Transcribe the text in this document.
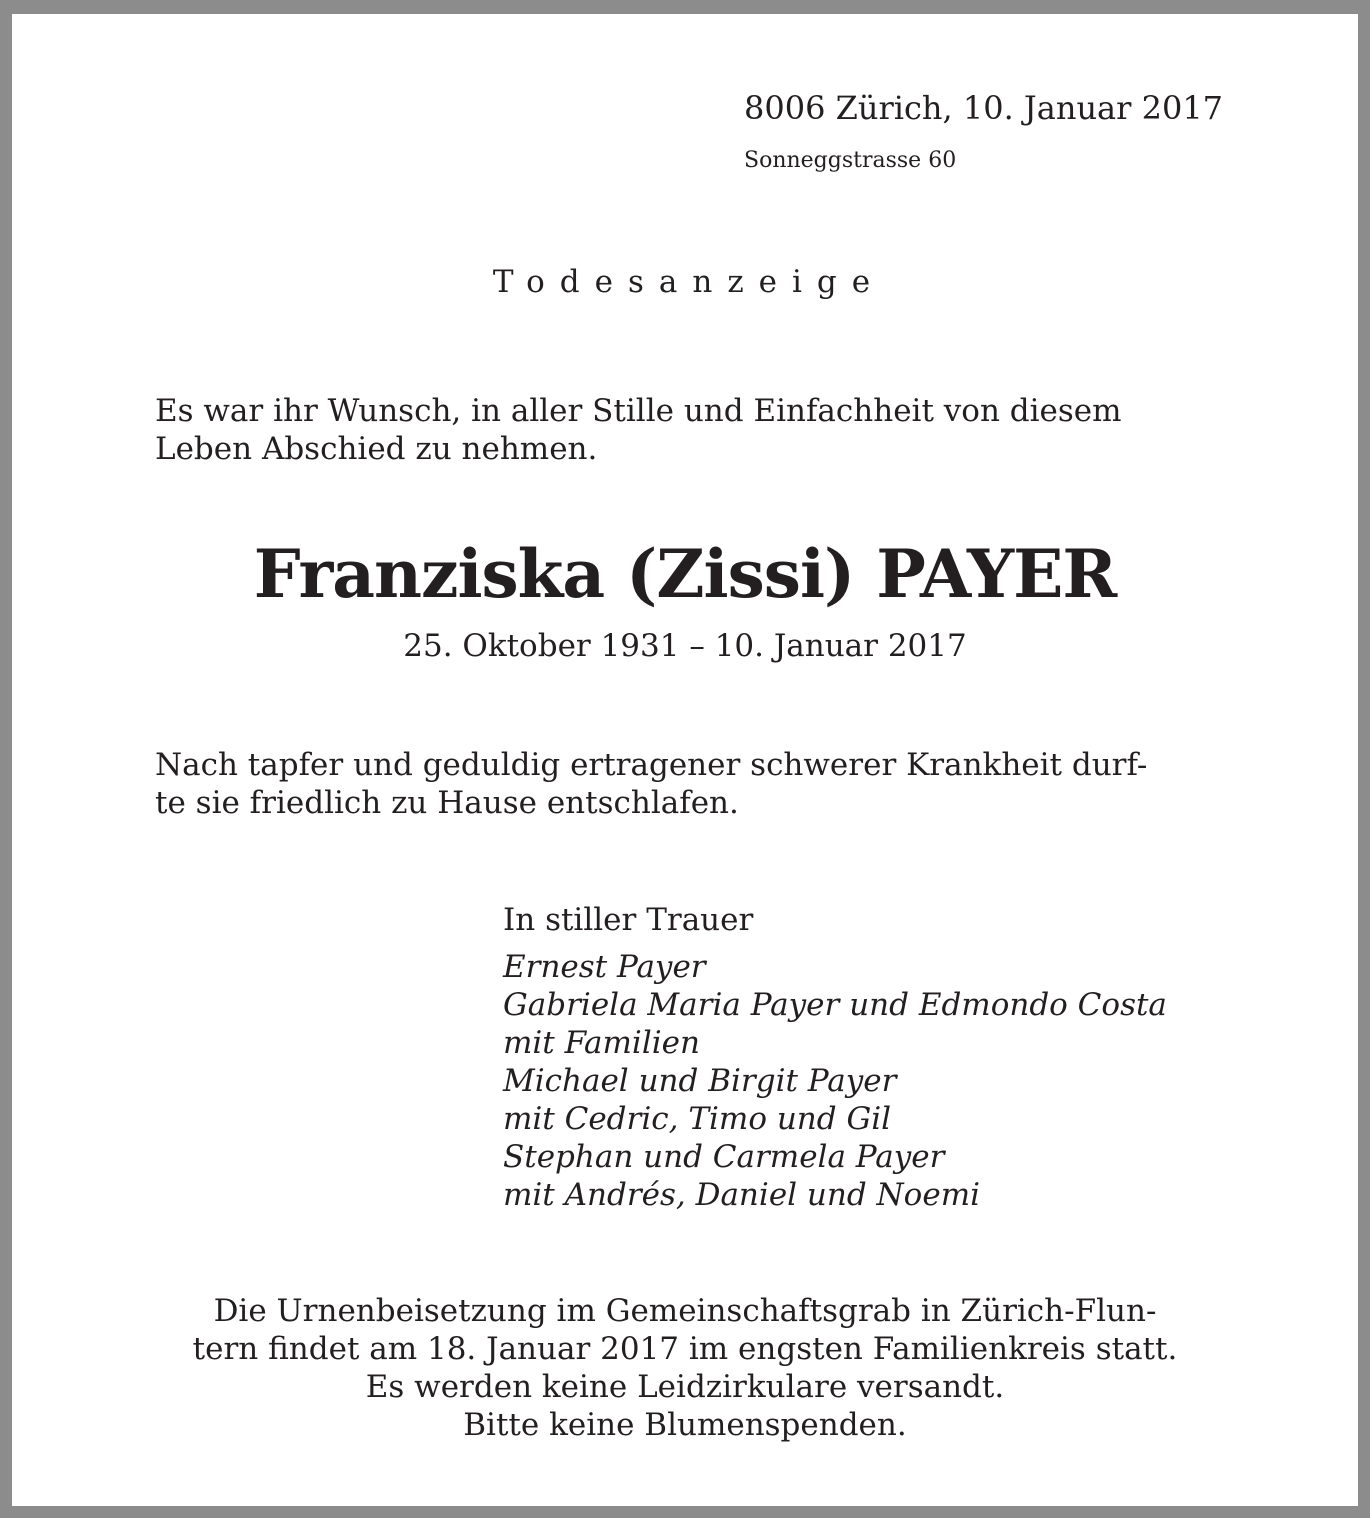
8006 Zürich, 10. Januar 2017

Sonneggstrasse 60

Todesanzeige

Es war ihr Wunsch, in aller Stille und Einfachheit von diesem
Leben Abschied zu nehmen.

Franziska (Zissi) PAYER

25. Oktober 1931 – 10. Januar 2017

Nach tapfer und geduldig ertragener schwerer Krankheit durf-
te sie friedlich zu Hause entschlafen.

In stiller Trauer

Ernest Payer
Gabriela Maria Payer und Edmondo Costa
mit Familien
Michael und Birgit Payer
mit Cedric, Timo und Gil
Stephan und Carmela Payer
mit Andrés, Daniel und Noemi

Die Urnenbeisetzung im Gemeinschaftsgrab in Zürich-Flun-
tern findet am 18. Januar 2017 im engsten Familienkreis statt.
Es werden keine Leidzirkulare versandt.
Bitte keine Blumenspenden.
